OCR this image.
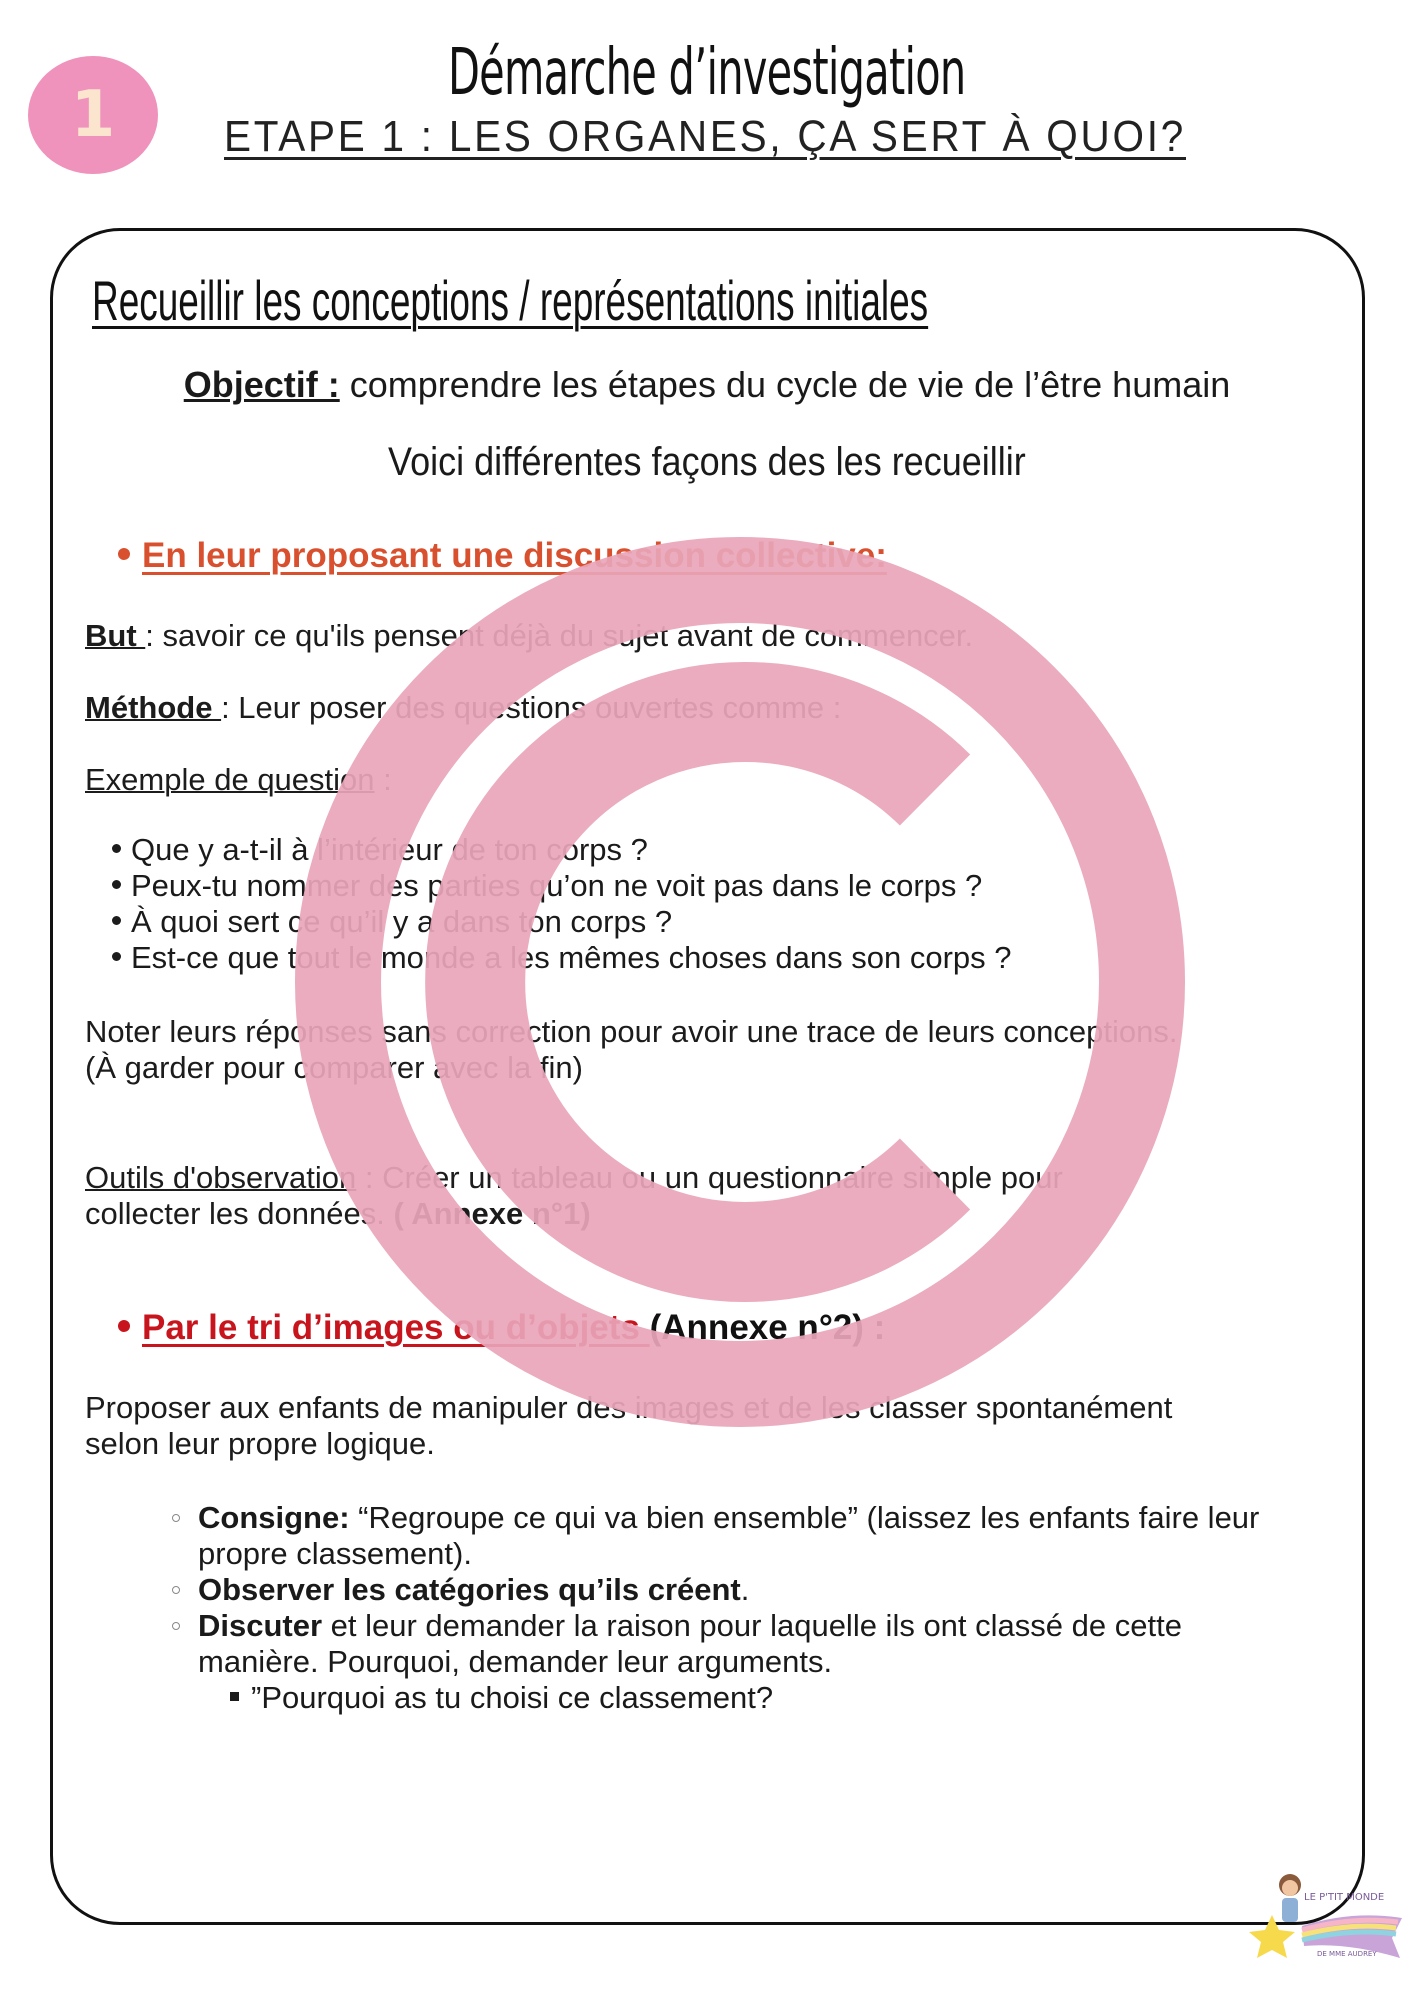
1
Démarche d’investigation
ETAPE 1 : LES ORGANES, ÇA SERT À QUOI?
Recueillir les conceptions / représentations initiales
Objectif : comprendre les étapes du cycle de vie de l’être humain
Voici différentes façons des les recueillir
En leur proposant une discussion collective:
But : savoir ce qu'ils pensent déjà du sujet avant de commencer.
Méthode : Leur poser des questions ouvertes comme :
Exemple de question :
Que y a-t-il à l’intérieur de ton corps ?
Peux-tu nommer des parties qu’on ne voit pas dans le corps ?
À quoi sert ce qu’il y a dans ton corps ?
Est-ce que tout le monde a les mêmes choses dans son corps ?
Noter leurs réponses sans correction pour avoir une trace de leurs conceptions.
(À garder pour comparer avec la fin)
Outils d'observation : Créer un tableau ou un questionnaire simple pour
collecter les données. ( Annexe n°1)
Par le tri d’images ou d’objets (Annexe n°2) :
Proposer aux enfants de manipuler des images et de les classer spontanément
selon leur propre logique.
Consigne: “Regroupe ce qui va bien ensemble” (laissez les enfants faire leur propre classement).
Observer les catégories qu’ils créent.
Discuter et leur demander la raison pour laquelle ils ont classé de cette manière. Pourquoi, demander leur arguments.
”Pourquoi as tu choisi ce classement?
LE P'TIT MONDE
DE MME AUDREY
